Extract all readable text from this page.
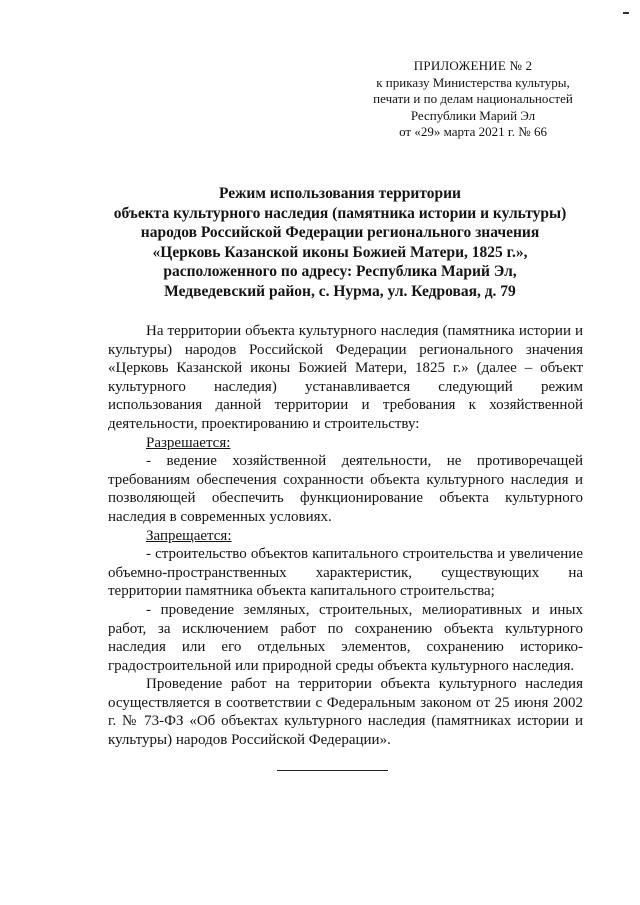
ПРИЛОЖЕНИЕ № 2
к приказу Министерства культуры,
печати и по делам национальностей
Республики Марий Эл
от «29» марта 2021 г. № 66
Режим использования территории
объекта культурного наследия (памятника истории и культуры)
народов Российской Федерации регионального значения
«Церковь Казанской иконы Божией Матери, 1825 г.»,
расположенного по адресу: Республика Марий Эл,
Медведевский район, с. Нурма, ул. Кедровая, д. 79
На территории объекта культурного наследия (памятника истории и культуры) народов Российской Федерации регионального значения «Церковь Казанской иконы Божией Матери, 1825 г.» (далее – объект культурного наследия) устанавливается следующий режим использования данной территории и требования к хозяйственной деятельности, проектированию и строительству:
Разрешается:
- ведение хозяйственной деятельности, не противоречащей требованиям обеспечения сохранности объекта культурного наследия и позволяющей обеспечить функционирование объекта культурного наследия в современных условиях.
Запрещается:
- строительство объектов капитального строительства и увеличение объемно-пространственных характеристик, существующих на территории памятника объекта капитального строительства;
- проведение земляных, строительных, мелиоративных и иных работ, за исключением работ по сохранению объекта культурного наследия или его отдельных элементов, сохранению историко-градостроительной или природной среды объекта культурного наследия.
Проведение работ на территории объекта культурного наследия осуществляется в соответствии с Федеральным законом от 25 июня 2002 г. № 73-ФЗ «Об объектах культурного наследия (памятниках истории и культуры) народов Российской Федерации».
